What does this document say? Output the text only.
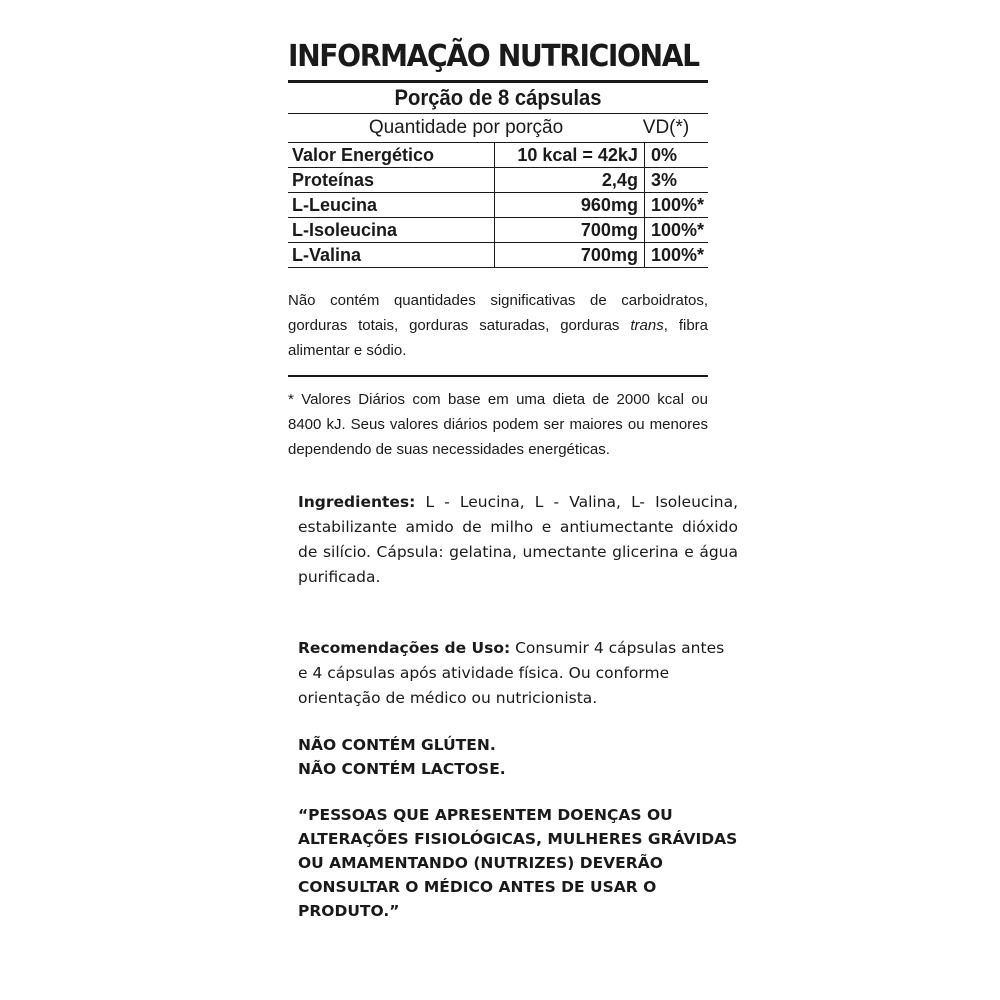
INFORMAÇÃO NUTRICIONAL
Porção de 8 cápsulas
Quantidade por porção	VD(*)
Valor Energético	10 kcal = 42kJ	0%
Proteínas	2,4g	3%
L-Leucina	960mg	100%*
L-Isoleucina	700mg	100%*
L-Valina	700mg	100%*
Não contém quantidades significativas de carboidratos, gorduras totais, gorduras saturadas, gorduras trans, fibra alimentar e sódio.
* Valores Diários com base em uma dieta de 2000 kcal ou 8400 kJ. Seus valores diários podem ser maiores ou menores dependendo de suas necessidades energéticas.
Ingredientes: L - Leucina, L - Valina, L- Isoleucina, estabilizante amido de milho e antiumectante dióxido de silício. Cápsula: gelatina, umectante glicerina e água purificada.
Recomendações de Uso: Consumir 4 cápsulas antes e 4 cápsulas após atividade física. Ou conforme orientação de médico ou nutricionista.
NÃO CONTÉM GLÚTEN.
NÃO CONTÉM LACTOSE.
“PESSOAS QUE APRESENTEM DOENÇAS OU
ALTERAÇÕES FISIOLÓGICAS, MULHERES GRÁVIDAS
OU AMAMENTANDO (NUTRIZES) DEVERÃO
CONSULTAR O MÉDICO ANTES DE USAR O
PRODUTO.”
